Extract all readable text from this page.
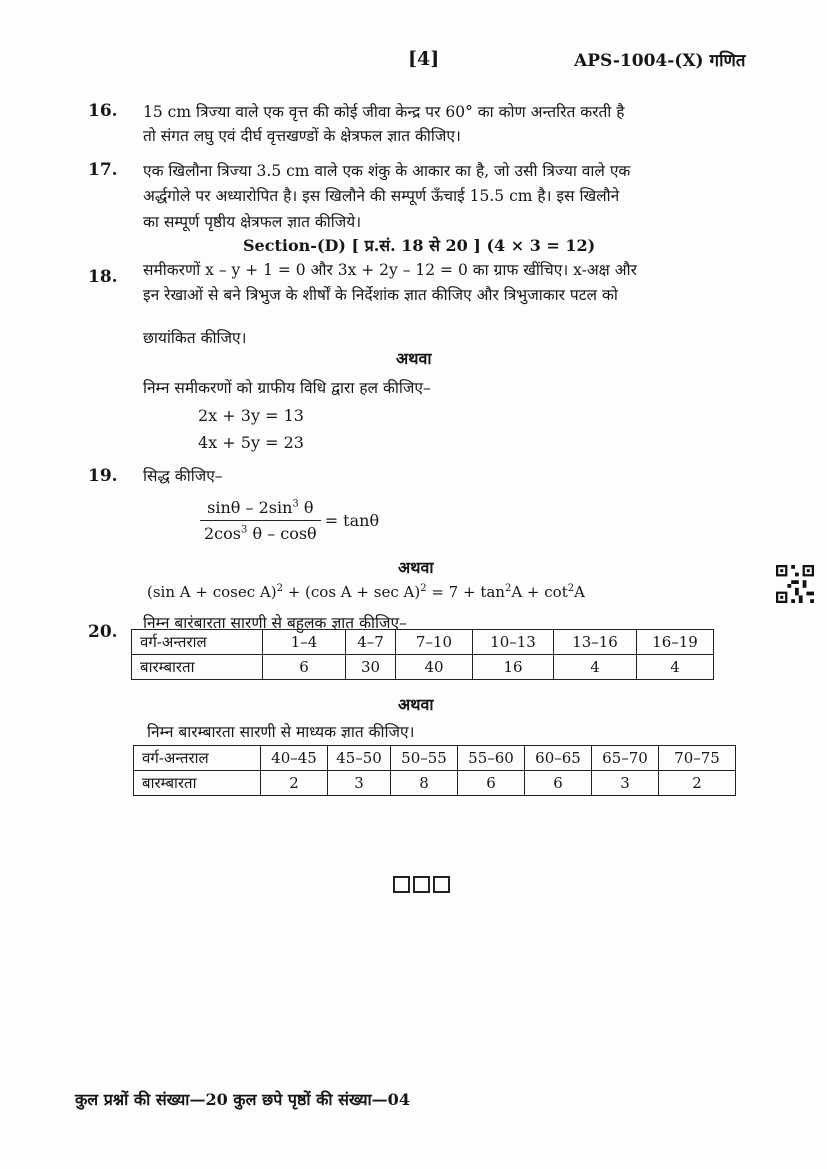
[4]	APS-1004-(X) गणित
16. 15 cm त्रिज्या वाले एक वृत्त की कोई जीवा केन्द्र पर 60° का कोण अन्तरित करती है
तो संगत लघु एवं दीर्घ वृत्तखण्डों के क्षेत्रफल ज्ञात कीजिए।
17. एक खिलौना त्रिज्या 3.5 cm वाले एक शंकु के आकार का है, जो उसी त्रिज्या वाले एक
अर्द्धगोले पर अध्यारोपित है। इस खिलौने की सम्पूर्ण ऊँचाई 15.5 cm है। इस खिलौने
का सम्पूर्ण पृष्ठीय क्षेत्रफल ज्ञात कीजिये।
Section-(D) [ प्र.सं. 18 से 20 ] (4 × 3 = 12)
18. समीकरणों x – y + 1 = 0 और 3x + 2y – 12 = 0 का ग्राफ खींचिए। x-अक्ष और
इन रेखाओं से बने त्रिभुज के शीर्षों के निर्देशांक ज्ञात कीजिए और त्रिभुजाकार पटल को
छायांकित कीजिए।
अथवा
निम्न समीकरणों को ग्राफीय विधि द्वारा हल कीजिए–
2x + 3y = 13
4x + 5y = 23
19. सिद्ध कीजिए–
$\frac{\sin\theta - 2\sin^3 \theta}{2\cos^3 \theta - \cos\theta} = \tan\theta$
अथवा
(sin A + cosec A)$^2$ + (cos $A + \sec A)^2 = 7 + \tan^2A + \cot^2A$
20. निम्न बारंबारता सारणी से बहुलक ज्ञात कीजिए–
वर्ग-अन्तराल	1–4	4–7	7–10	10–13	13–16	16–19
बारम्बारता	6	30	40	16	4	4
अथवा
निम्न बारम्बारता सारणी से माध्यक ज्ञात कीजिए।
वर्ग-अन्तराल	40–45	45–50	50–55	55–60	60–65	65–70	70–75
बारम्बारता	2	3	8	6	6	3	2
कुल प्रश्नों की संख्या—20 कुल छपे पृष्ठों की संख्या—04
